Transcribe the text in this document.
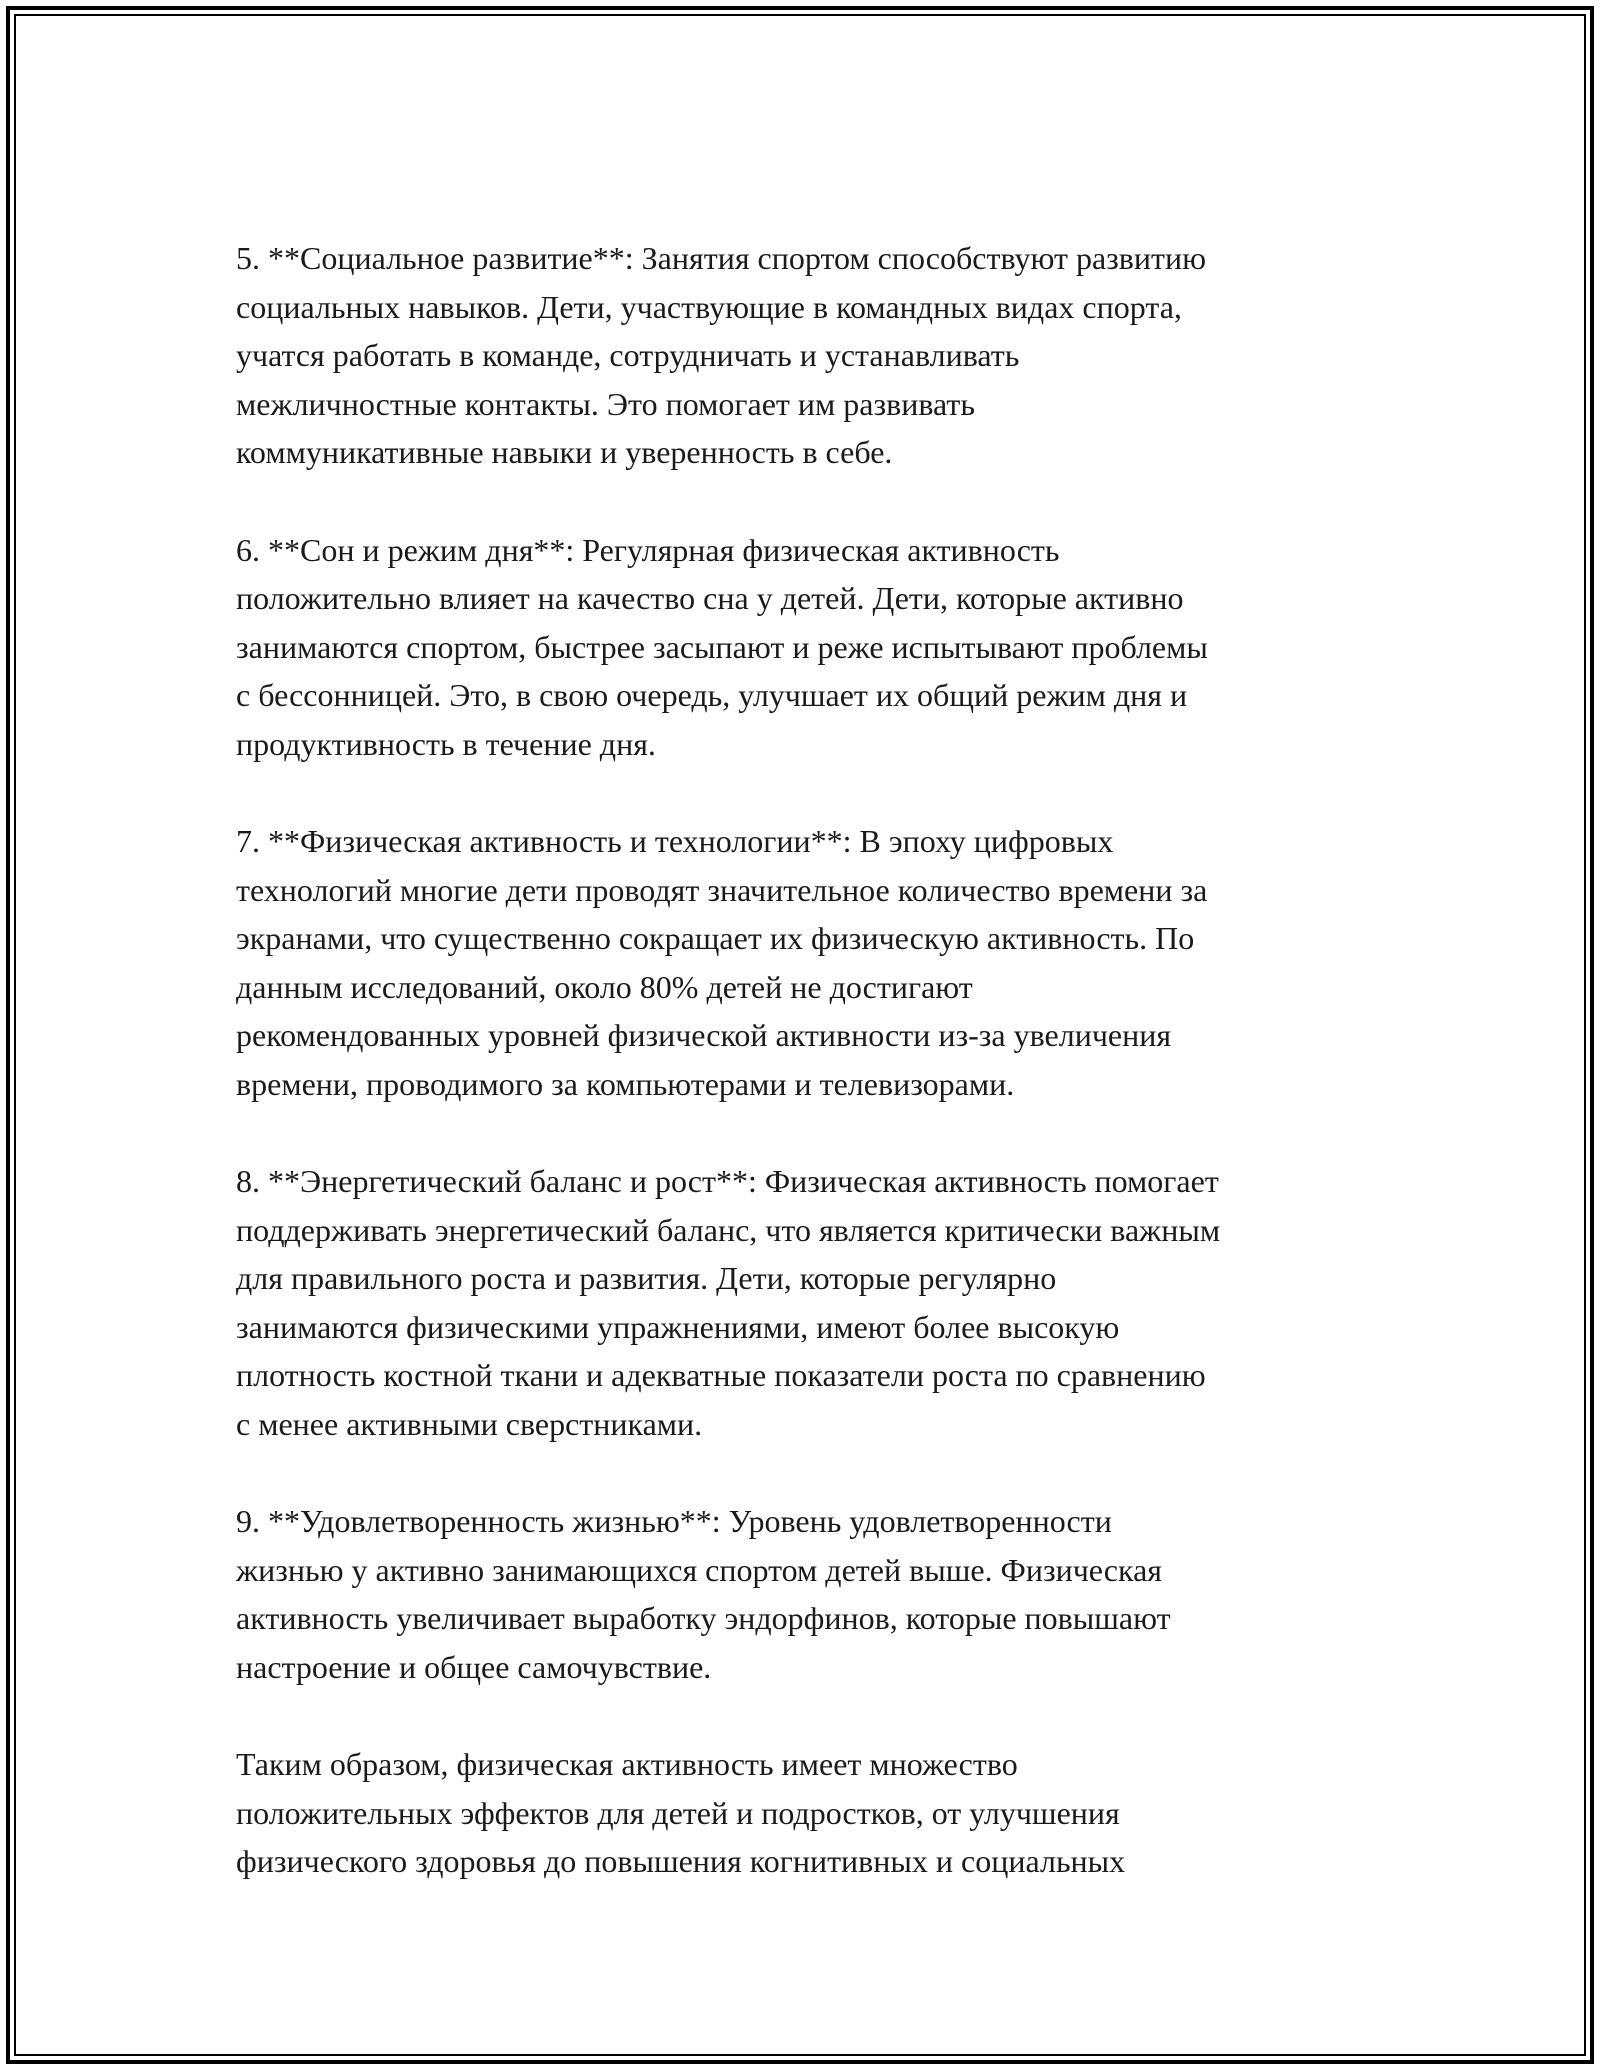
5. **Социальное развитие**: Занятия спортом способствуют развитию
социальных навыков. Дети, участвующие в командных видах спорта,
учатся работать в команде, сотрудничать и устанавливать
межличностные контакты. Это помогает им развивать
коммуникативные навыки и уверенность в себе.

6. **Сон и режим дня**: Регулярная физическая активность
положительно влияет на качество сна у детей. Дети, которые активно
занимаются спортом, быстрее засыпают и реже испытывают проблемы
с бессонницей. Это, в свою очередь, улучшает их общий режим дня и
продуктивность в течение дня.

7. **Физическая активность и технологии**: В эпоху цифровых
технологий многие дети проводят значительное количество времени за
экранами, что существенно сокращает их физическую активность. По
данным исследований, около 80% детей не достигают
рекомендованных уровней физической активности из-за увеличения
времени, проводимого за компьютерами и телевизорами.

8. **Энергетический баланс и рост**: Физическая активность помогает
поддерживать энергетический баланс, что является критически важным
для правильного роста и развития. Дети, которые регулярно
занимаются физическими упражнениями, имеют более высокую
плотность костной ткани и адекватные показатели роста по сравнению
с менее активными сверстниками.

9. **Удовлетворенность жизнью**: Уровень удовлетворенности
жизнью у активно занимающихся спортом детей выше. Физическая
активность увеличивает выработку эндорфинов, которые повышают
настроение и общее самочувствие.

Таким образом, физическая активность имеет множество
положительных эффектов для детей и подростков, от улучшения
физического здоровья до повышения когнитивных и социальных
